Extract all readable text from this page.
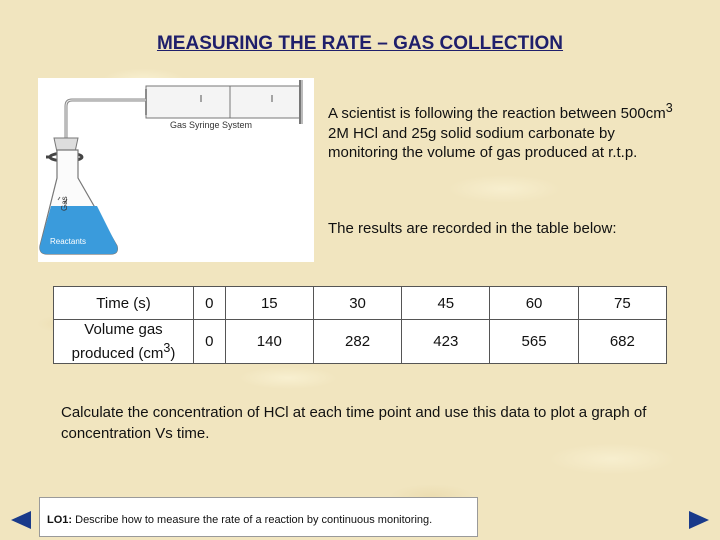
MEASURING THE RATE – GAS COLLECTION
Gas Syringe System
Gas
Reactants

A scientist is following the reaction between $500cm^3$ 2M HCl and 25g solid sodium carbonate by monitoring the volume of gas produced at r.t.p.

The results are recorded in the table below:

Time (s)	0	15	30	45	60	75
Volume gas produced $(cm^3)$	0	140	282	423	565	682

Calculate the concentration of HCl at each time point and use this data to plot a graph of concentration Vs time.

LO1: Describe how to measure the rate of a reaction by continuous monitoring.
